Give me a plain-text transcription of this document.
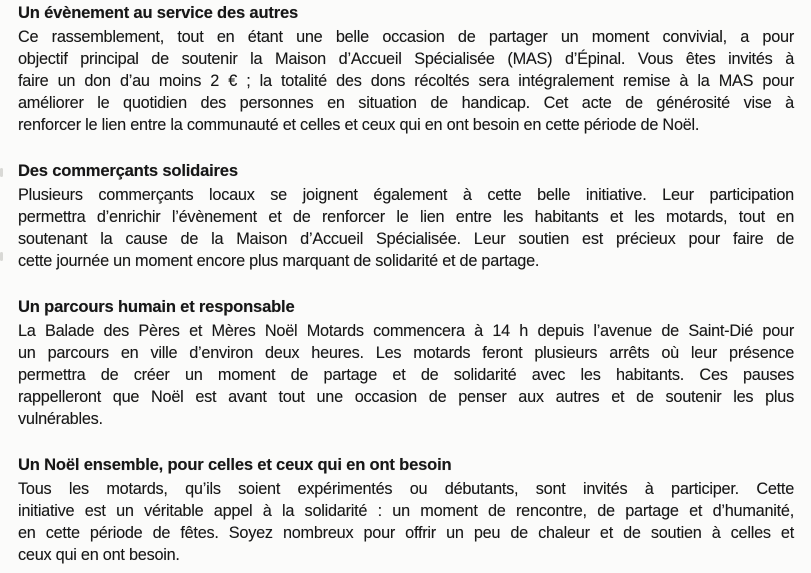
Un évènement au service des autres
Ce rassemblement, tout en étant une belle occasion de partager un moment convivial, a pour
objectif principal de soutenir la Maison d’Accueil Spécialisée (MAS) d’Épinal. Vous êtes invités à
faire un don d’au moins 2 € ; la totalité des dons récoltés sera intégralement remise à la MAS pour
améliorer le quotidien des personnes en situation de handicap. Cet acte de générosité vise à
renforcer le lien entre la communauté et celles et ceux qui en ont besoin en cette période de Noël.
Des commerçants solidaires
Plusieurs commerçants locaux se joignent également à cette belle initiative. Leur participation
permettra d’enrichir l’évènement et de renforcer le lien entre les habitants et les motards, tout en
soutenant la cause de la Maison d’Accueil Spécialisée. Leur soutien est précieux pour faire de
cette journée un moment encore plus marquant de solidarité et de partage.
Un parcours humain et responsable
La Balade des Pères et Mères Noël Motards commencera à 14 h depuis l’avenue de Saint-Dié pour
un parcours en ville d’environ deux heures. Les motards feront plusieurs arrêts où leur présence
permettra de créer un moment de partage et de solidarité avec les habitants. Ces pauses
rappelleront que Noël est avant tout une occasion de penser aux autres et de soutenir les plus
vulnérables.
Un Noël ensemble, pour celles et ceux qui en ont besoin
Tous les motards, qu’ils soient expérimentés ou débutants, sont invités à participer. Cette
initiative est un véritable appel à la solidarité : un moment de rencontre, de partage et d’humanité,
en cette période de fêtes. Soyez nombreux pour offrir un peu de chaleur et de soutien à celles et
ceux qui en ont besoin.
